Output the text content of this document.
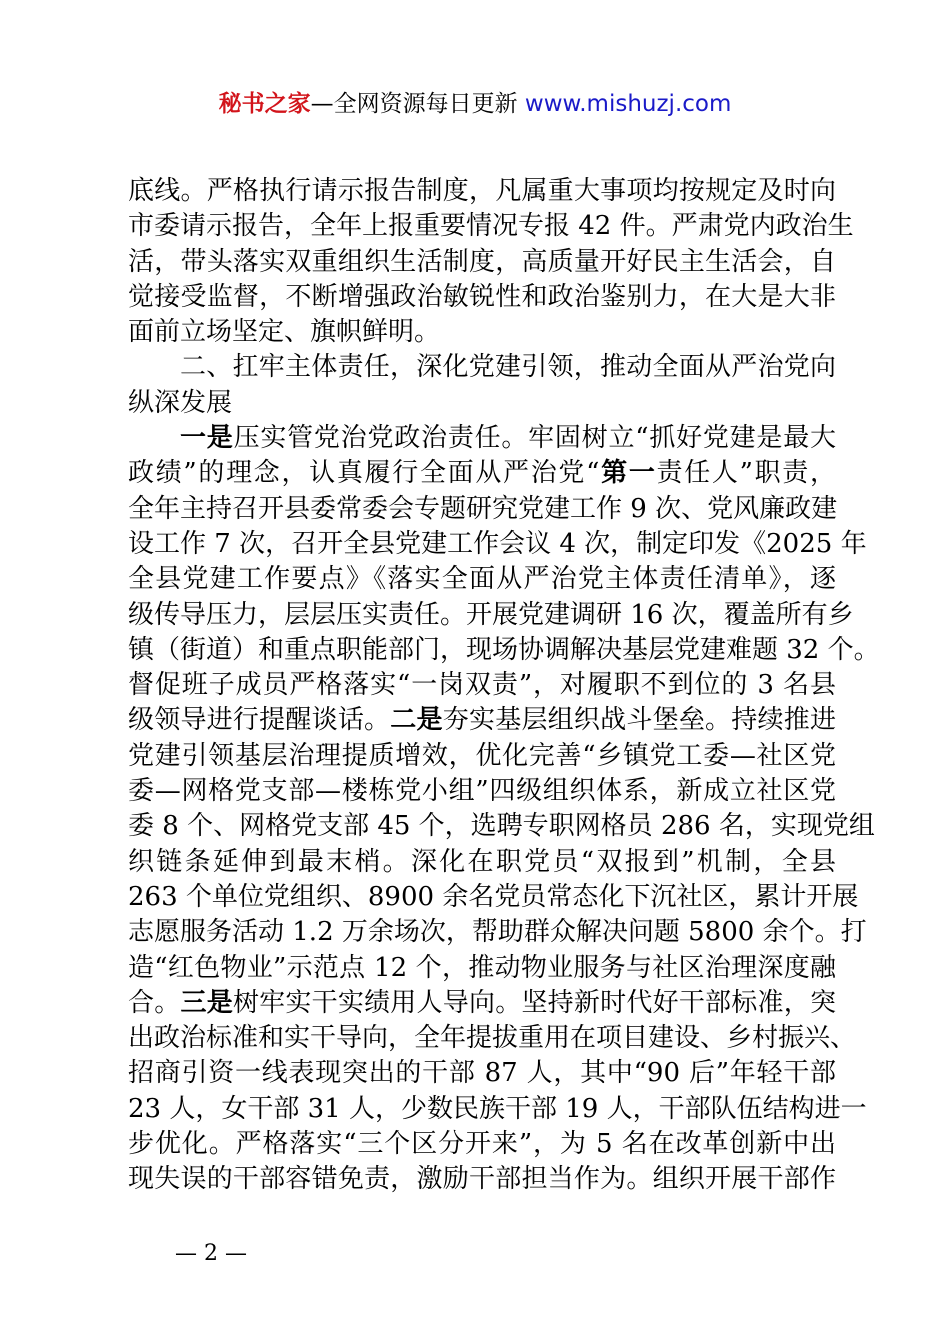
秘书之家—全网资源每日更新 www.mishuzj.com
底线。严格执行请示报告制度，凡属重大事项均按规定及时向
市委请示报告，全年上报重要情况专报 42 件。严肃党内政治生
活，带头落实双重组织生活制度，高质量开好民主生活会，自
觉接受监督，不断增强政治敏锐性和政治鉴别力，在大是大非
面前立场坚定、旗帜鲜明。
二、扛牢主体责任，深化党建引领，推动全面从严治党向
纵深发展
一是压实管党治党政治责任。牢固树立“抓好党建是最大
政绩”的理念，认真履行全面从严治党“第一责任人”职责，
全年主持召开县委常委会专题研究党建工作 9 次、党风廉政建
设工作 7 次，召开全县党建工作会议 4 次，制定印发《2025 年
全县党建工作要点》《落实全面从严治党主体责任清单》，逐
级传导压力，层层压实责任。开展党建调研 16 次，覆盖所有乡
镇（街道）和重点职能部门，现场协调解决基层党建难题 32 个。
督促班子成员严格落实“一岗双责”，对履职不到位的 3 名县
级领导进行提醒谈话。二是夯实基层组织战斗堡垒。持续推进
党建引领基层治理提质增效，优化完善“乡镇党工委—社区党
委—网格党支部—楼栋党小组”四级组织体系，新成立社区党
委 8 个、网格党支部 45 个，选聘专职网格员 286 名，实现党组
织链条延伸到最末梢。深化在职党员“双报到”机制，全县
263 个单位党组织、8900 余名党员常态化下沉社区，累计开展
志愿服务活动 1.2 万余场次，帮助群众解决问题 5800 余个。打
造“红色物业”示范点 12 个，推动物业服务与社区治理深度融
合。三是树牢实干实绩用人导向。坚持新时代好干部标准，突
出政治标准和实干导向，全年提拔重用在项目建设、乡村振兴、
招商引资一线表现突出的干部 87 人，其中“90 后”年轻干部
23 人，女干部 31 人，少数民族干部 19 人，干部队伍结构进一
步优化。严格落实“三个区分开来”，为 5 名在改革创新中出
现失误的干部容错免责，激励干部担当作为。组织开展干部作
— 2 —
